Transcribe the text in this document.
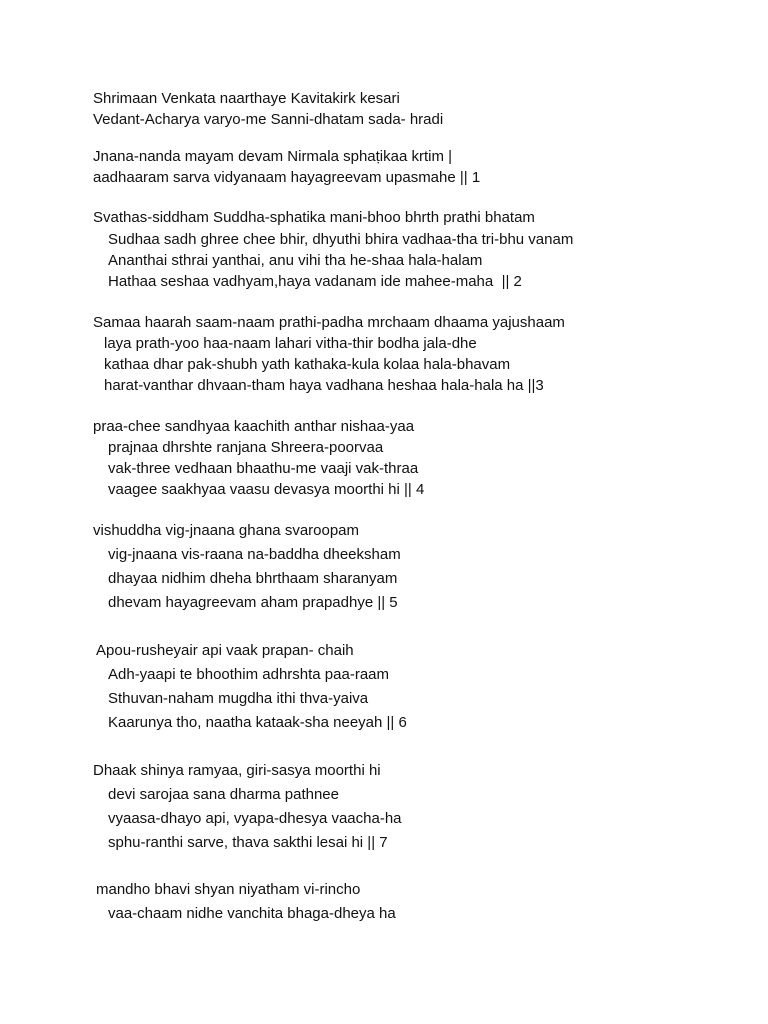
Shrimaan Venkata naarthaye Kavitakirk kesari
Vedant-Acharya varyo-me Sanni-dhatam sada- hradi
Jnana-nanda mayam devam Nirmala sphaṭikaa krtim |
aadhaaram sarva vidyanaam hayagreevam upasmahe || 1
Svathas-siddham Suddha-sphatika mani-bhoo bhrth prathi bhatam
Sudhaa sadh ghree chee bhir, dhyuthi bhira vadhaa-tha tri-bhu vanam
Ananthai sthrai yanthai, anu vihi tha he-shaa hala-halam
Hathaa seshaa vadhyam,haya vadanam ide mahee-maha  || 2
Samaa haarah saam-naam prathi-padha mrchaam dhaama yajushaam
laya prath-yoo haa-naam lahari vitha-thir bodha jala-dhe
kathaa dhar pak-shubh yath kathaka-kula kolaa hala-bhavam
harat-vanthar dhvaan-tham haya vadhana heshaa hala-hala ha ||3
praa-chee sandhyaa kaachith anthar nishaa-yaa
prajnaa dhrshte ranjana Shreera-poorvaa
vak-three vedhaan bhaathu-me vaaji vak-thraa
vaagee saakhyaa vaasu devasya moorthi hi || 4
vishuddha vig-jnaana ghana svaroopam
vig-jnaana vis-raana na-baddha dheeksham
dhayaa nidhim dheha bhrthaam sharanyam
dhevam hayagreevam aham prapadhye || 5
Apou-rusheyair api vaak prapan- chaih
Adh-yaapi te bhoothim adhrshta paa-raam
Sthuvan-naham mugdha ithi thva-yaiva
Kaarunya tho, naatha kataak-sha neeyah || 6
Dhaak shinya ramyaa, giri-sasya moorthi hi
devi sarojaa sana dharma pathnee
vyaasa-dhayo api, vyapa-dhesya vaacha-ha
sphu-ranthi sarve, thava sakthi lesai hi || 7
mandho bhavi shyan niyatham vi-rincho
vaa-chaam nidhe vanchita bhaga-dheya ha
